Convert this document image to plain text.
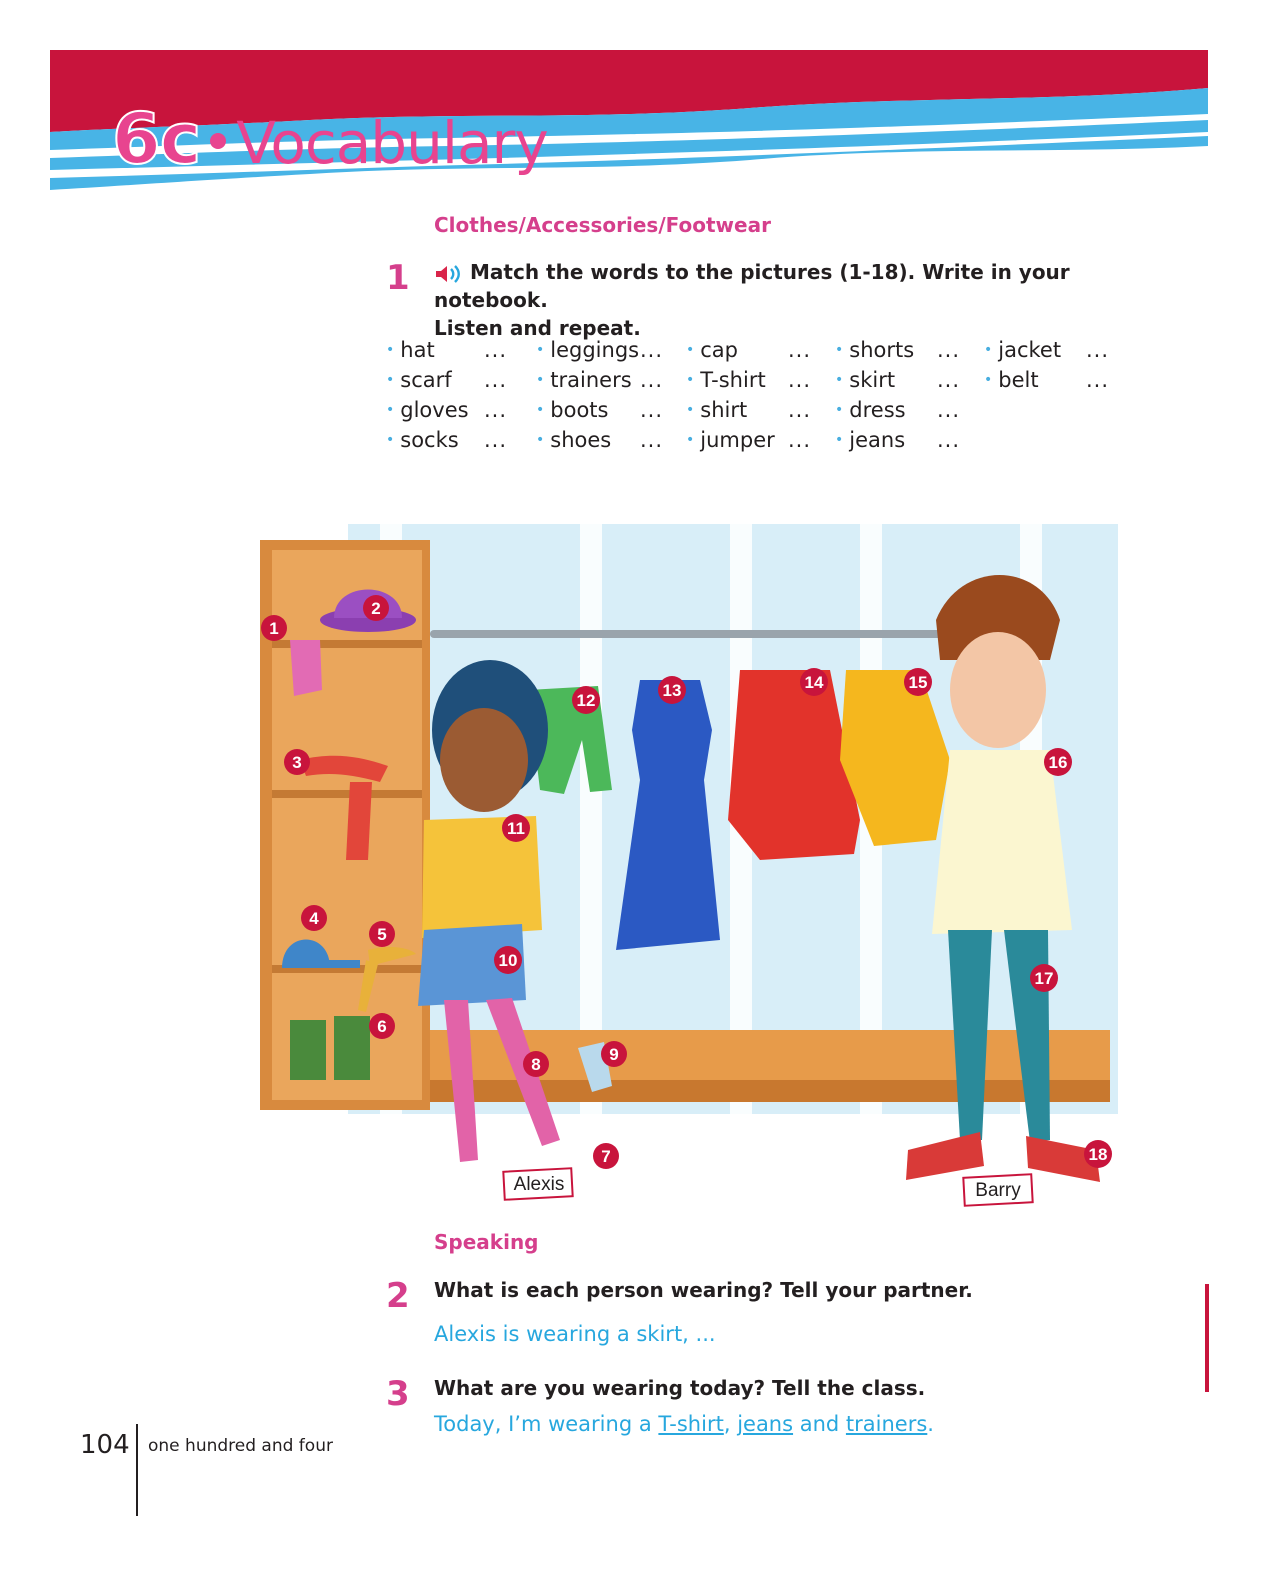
6c Vocabulary
Clothes/Accessories/Footwear
1	Match the words to the pictures (1-18). Write in your notebook.
Listen and repeat.
• hat ...
• scarf ...
• gloves ...
• socks ...
• leggings ...
• trainers ...
• boots ...
• shoes ...
• cap ...
• T-shirt ...
• shirt ...
• jumper ...
• shorts ...
• skirt ...
• dress ...
• jeans ...
• jacket ...
• belt ...
1
2
3
4
5
6
7
8
9
10
11
12
13	14	15
16
17
18
Alexis	Barry
Speaking
2 What is each person wearing? Tell your partner.
Alexis is wearing a skirt, ...
3 What are you wearing today? Tell the class.
Today, I’m wearing a T-shirt, jeans and trainers.
104 one hundred and four
